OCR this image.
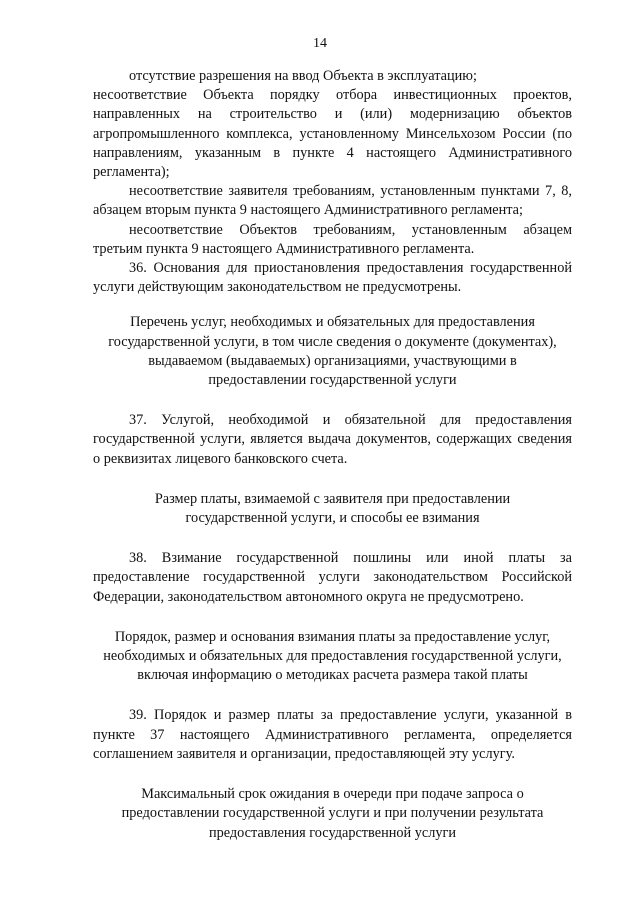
14

отсутствие разрешения на ввод Объекта в эксплуатацию;

несоответствие Объекта порядку отбора инвестиционных проектов, направленных на строительство и (или) модернизацию объектов агропромышленного комплекса, установленному Минсельхозом России (по направлениям, указанным в пункте 4 настоящего Административного регламента);

несоответствие заявителя требованиям, установленным пунктами 7, 8, абзацем вторым пункта 9 настоящего Административного регламента;

несоответствие Объектов требованиям, установленным абзацем третьим пункта 9 настоящего Административного регламента.

36. Основания для приостановления предоставления государственной услуги действующим законодательством не предусмотрены.

Перечень услуг, необходимых и обязательных для предоставления государственной услуги, в том числе сведения о документе (документах), выдаваемом (выдаваемых) организациями, участвующими в предоставлении государственной услуги

37. Услугой, необходимой и обязательной для предоставления государственной услуги, является выдача документов, содержащих сведения о реквизитах лицевого банковского счета.

Размер платы, взимаемой с заявителя при предоставлении государственной услуги, и способы ее взимания

38. Взимание государственной пошлины или иной платы за предоставление государственной услуги законодательством Российской Федерации, законодательством автономного округа не предусмотрено.

Порядок, размер и основания взимания платы за предоставление услуг, необходимых и обязательных для предоставления государственной услуги, включая информацию о методиках расчета размера такой платы

39. Порядок и размер платы за предоставление услуги, указанной в пункте 37 настоящего Административного регламента, определяется соглашением заявителя и организации, предоставляющей эту услугу.

Максимальный срок ожидания в очереди при подаче запроса о предоставлении государственной услуги и при получении результата предоставления государственной услуги
